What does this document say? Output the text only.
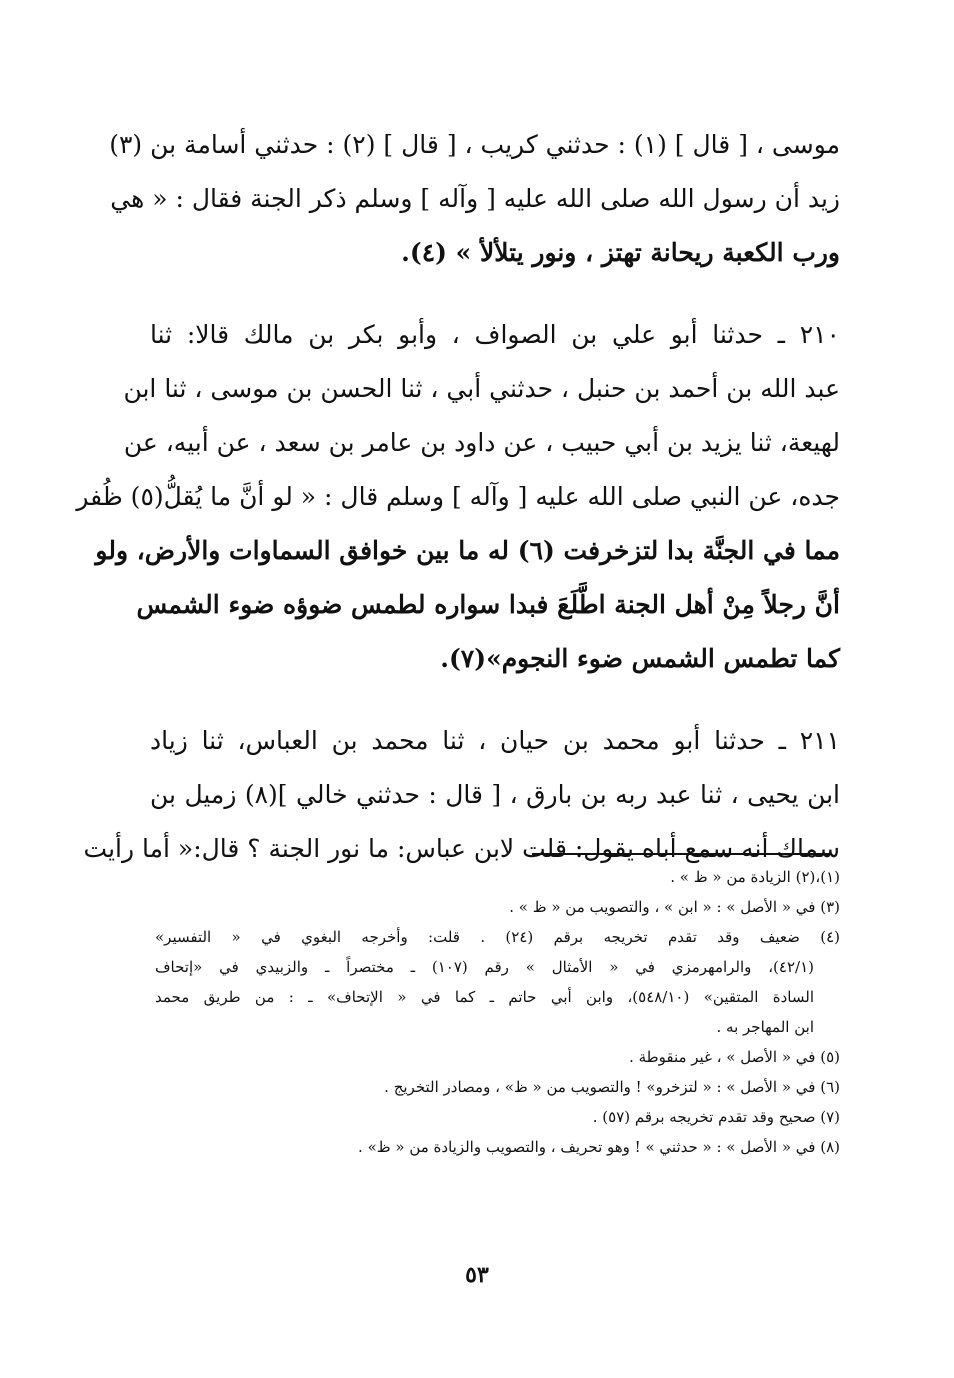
موسى ، [ قال ] (١) : حدثني كريب ، [ قال ] (٢) : حدثني أسامة بن (٣)
زيد أن رسول الله صلى الله عليه [ وآله ] وسلم ذكر الجنة فقال : « هي
ورب الكعبة ريحانة تهتز ، ونور يتلألأ » (٤).
٢١٠ ـ حدثنا أبو علي بن الصواف ، وأبو بكر بن مالك قالا: ثنا
عبد الله بن أحمد بن حنبل ، حدثني أبي ، ثنا الحسن بن موسى ، ثنا ابن
لهيعة، ثنا يزيد بن أبي حبيب ، عن داود بن عامر بن سعد ، عن أبيه، عن
جده، عن النبي صلى الله عليه [ وآله ] وسلم قال : « لو أنَّ ما يُقلُّ(٥) ظُفر
مما في الجنَّة بدا لتزخرفت (٦) له ما بين خوافق السماوات والأرض، ولو
أنَّ رجلاً مِنْ أهل الجنة اطَّلَعَ فبدا سواره لطمس ضوؤه ضوء الشمس
كما تطمس الشمس ضوء النجوم»(٧).
٢١١ ـ حدثنا أبو محمد بن حيان ، ثنا محمد بن العباس، ثنا زياد
ابن يحيى ، ثنا عبد ربه بن بارق ، [ قال : حدثني خالي ](٨) زميل بن
سماك أنه سمع أباه يقول: قلت لابن عباس: ما نور الجنة ؟ قال:« أما رأيت
(١)،(٢) الزيادة من « ظ » .
(٣) في « الأصل » : « ابن » ، والتصويب من « ظ » .
(٤) ضعيف وقد تقدم تخريجه برقم (٢٤) . قلت: وأخرجه البغوي في « التفسير»
(٤٢/١)، والرامهرمزي في « الأمثال » رقم (١٠٧) ـ مختصراً ـ والزبيدي في «إتحاف
السادة المتقين» (٥٤٨/١٠)، وابن أبي حاتم ـ كما في « الإتحاف» ـ : من طريق محمد
ابن المهاجر به .
(٥) في « الأصل » ، غير منقوطة .
(٦) في « الأصل » : « لتزخرو» ! والتصويب من « ظ» ، ومصادر التخريج .
(٧) صحيح وقد تقدم تخريجه برقم (٥٧) .
(٨) في « الأصل » : « حدثني » ! وهو تحريف ، والتصويب والزيادة من « ظ» .
٥٣
